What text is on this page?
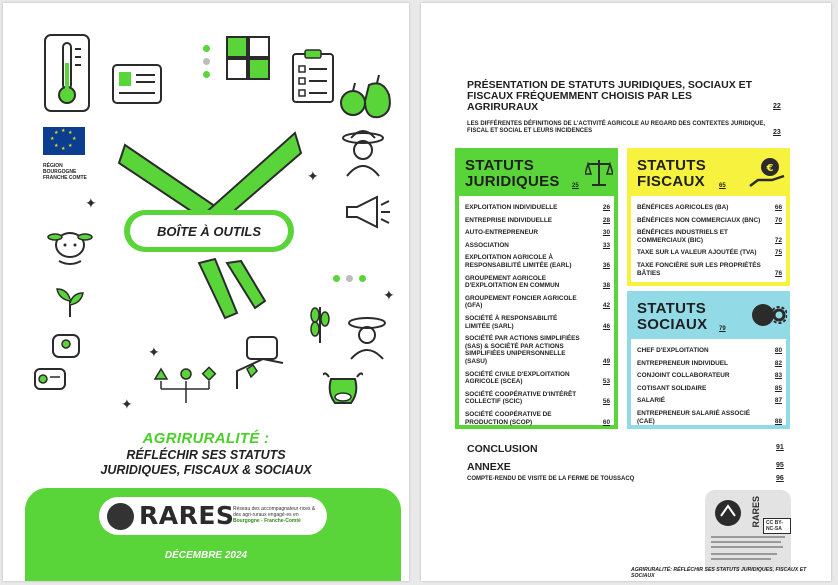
★ ★
★
★
★
★
★
★
RÉGION BOURGOGNE FRANCHE COMTE
✦
✦
✦
✦
✦
BOÎTE À OUTILS
AGRIRURALITÉ :
RÉFLÉCHIR SES STATUTS
JURIDIQUES, FISCAUX & SOCIAUX
RARES
Réseau des accompagnateur·rices & des agri·ruraux engagé·es en Bourgogne - Franche-Comté
DÉCEMBRE 2024
PRÉSENTATION DE STATUTS JURIDIQUES, SOCIAUX ET FISCAUX FRÉQUEMMENT CHOISIS PAR LES AGRIRURAUX	22
LES DIFFÉRENTES DÉFINITIONS DE L'ACTIVITÉ AGRICOLE AU REGARD DES CONTEXTES JURIDIQUE, FISCAL ET SOCIAL ET LEURS INCIDENCES	23
STATUTS
JURIDIQUES 25
EXPLOITATION INDIVIDUELLE	26
ENTREPRISE INDIVIDUELLE	28
AUTO-ENTREPRENEUR	30
ASSOCIATION	33
EXPLOITATION AGRICOLE À RESPONSABILITÉ LIMITÉE (EARL)	36
GROUPEMENT AGRICOLE D'EXPLOITATION EN COMMUN	38
GROUPEMENT FONCIER AGRICOLE (GFA)	42
SOCIÉTÉ À RESPONSABILITÉ LIMITÉE (SARL)	46
SOCIÉTÉ PAR ACTIONS SIMPLIFIÉES (SAS) & SOCIÉTÉ PAR ACTIONS SIMPLIFIÉES UNIPERSONNELLE (SASU)	49
SOCIÉTÉ CIVILE D'EXPLOITATION AGRICOLE (SCEA)	53
SOCIÉTÉ COOPÉRATIVE D'INTÉRÊT COLLECTIF (SCIC)	56
SOCIÉTÉ COOPÉRATIVE DE PRODUCTION (SCOP)	60
STATUTS
FISCAUX 65
€
BÉNÉFICES AGRICOLES (BA)	66
BÉNÉFICES NON COMMERCIAUX (BNC)	70
BÉNÉFICES INDUSTRIELS ET COMMERCIAUX (BIC)	72
TAXE SUR LA VALEUR AJOUTÉE (TVA)	75
TAXE FONCIÈRE SUR LES PROPRIÉTÉS BÂTIES	76
STATUTS
SOCIAUX 79
CHEF D'EXPLOITATION	80
ENTREPRENEUR INDIVIDUEL	82
CONJOINT COLLABORATEUR	83
COTISANT SOLIDAIRE	85
SALARIÉ	87
ENTREPRENEUR SALARIÉ ASSOCIÉ (CAE)	88
CONCLUSION	91
ANNEXE	95
COMPTE-RENDU DE VISITE DE LA FERME DE TOUSSACQ	96
RARES	CC BY-NC-SA
AGRIRURALITÉ: RÉFLÉCHIR SES STATUTS JURIDIQUES, FISCAUX ET SOCIAUX
